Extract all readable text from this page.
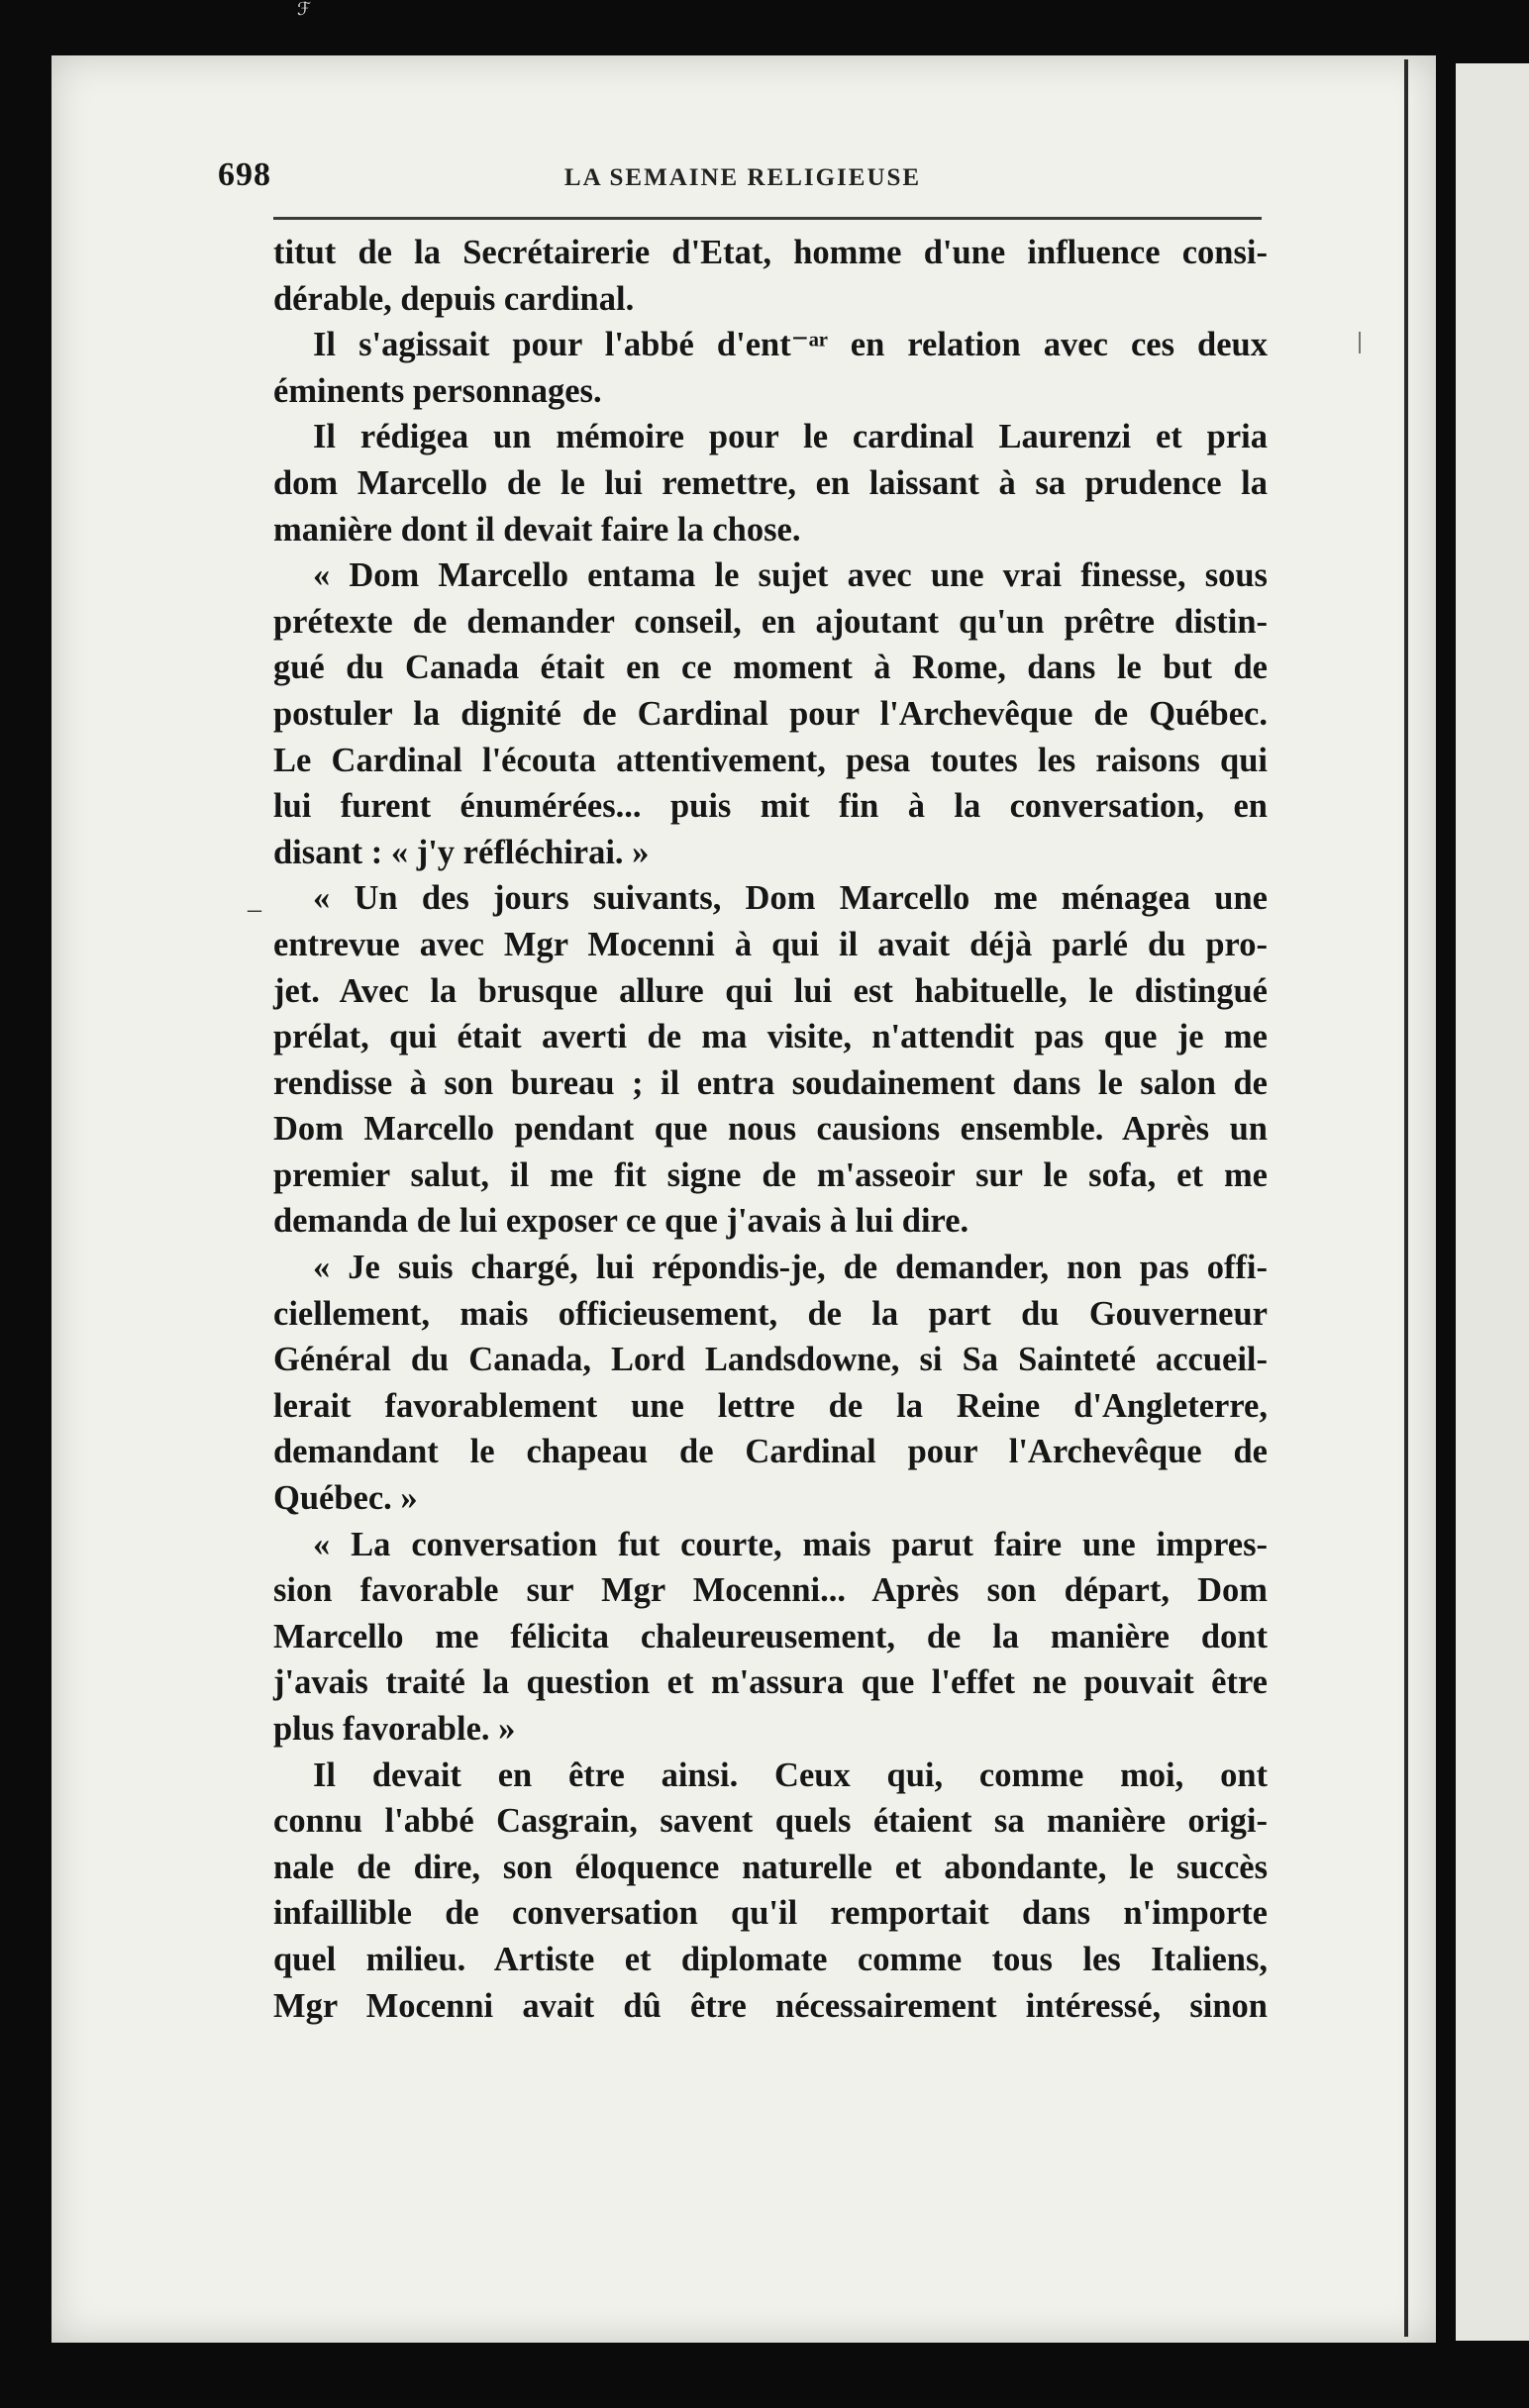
ℱ
698	LA SEMAINE RELIGIEUSE
–
titut de la Secrétairerie d'Etat, homme d'une influence consi-
dérable, depuis cardinal.
Il s'agissait pour l'abbé d'ent⁻ᵃʳ en relation avec ces deux
éminents personnages.
Il rédigea un mémoire pour le cardinal Laurenzi et pria
dom Marcello de le lui remettre, en laissant à sa prudence la
manière dont il devait faire la chose.
« Dom Marcello entama le sujet avec une vrai finesse, sous
prétexte de demander conseil, en ajoutant qu'un prêtre distin-
gué du Canada était en ce moment à Rome, dans le but de
postuler la dignité de Cardinal pour l'Archevêque de Québec.
Le Cardinal l'écouta attentivement, pesa toutes les raisons qui
lui furent énumérées... puis mit fin à la conversation, en
disant : « j'y réfléchirai. »
« Un des jours suivants, Dom Marcello me ménagea une
entrevue avec Mgr Mocenni à qui il avait déjà parlé du pro-
jet. Avec la brusque allure qui lui est habituelle, le distingué
prélat, qui était averti de ma visite, n'attendit pas que je me
rendisse à son bureau ; il entra soudainement dans le salon de
Dom Marcello pendant que nous causions ensemble. Après un
premier salut, il me fit signe de m'asseoir sur le sofa, et me
demanda de lui exposer ce que j'avais à lui dire.
« Je suis chargé, lui répondis-je, de demander, non pas offi-
ciellement, mais officieusement, de la part du Gouverneur
Général du Canada, Lord Landsdowne, si Sa Sainteté accueil-
lerait favorablement une lettre de la Reine d'Angleterre,
demandant le chapeau de Cardinal pour l'Archevêque de
Québec. »
« La conversation fut courte, mais parut faire une impres-
sion favorable sur Mgr Mocenni... Après son départ, Dom
Marcello me félicita chaleureusement, de la manière dont
j'avais traité la question et m'assura que l'effet ne pouvait être
plus favorable. »
Il devait en être ainsi. Ceux qui, comme moi, ont
connu l'abbé Casgrain, savent quels étaient sa manière origi-
nale de dire, son éloquence naturelle et abondante, le succès
infaillible de conversation qu'il remportait dans n'importe
quel milieu. Artiste et diplomate comme tous les Italiens,
Mgr Mocenni avait dû être nécessairement intéressé, sinon
